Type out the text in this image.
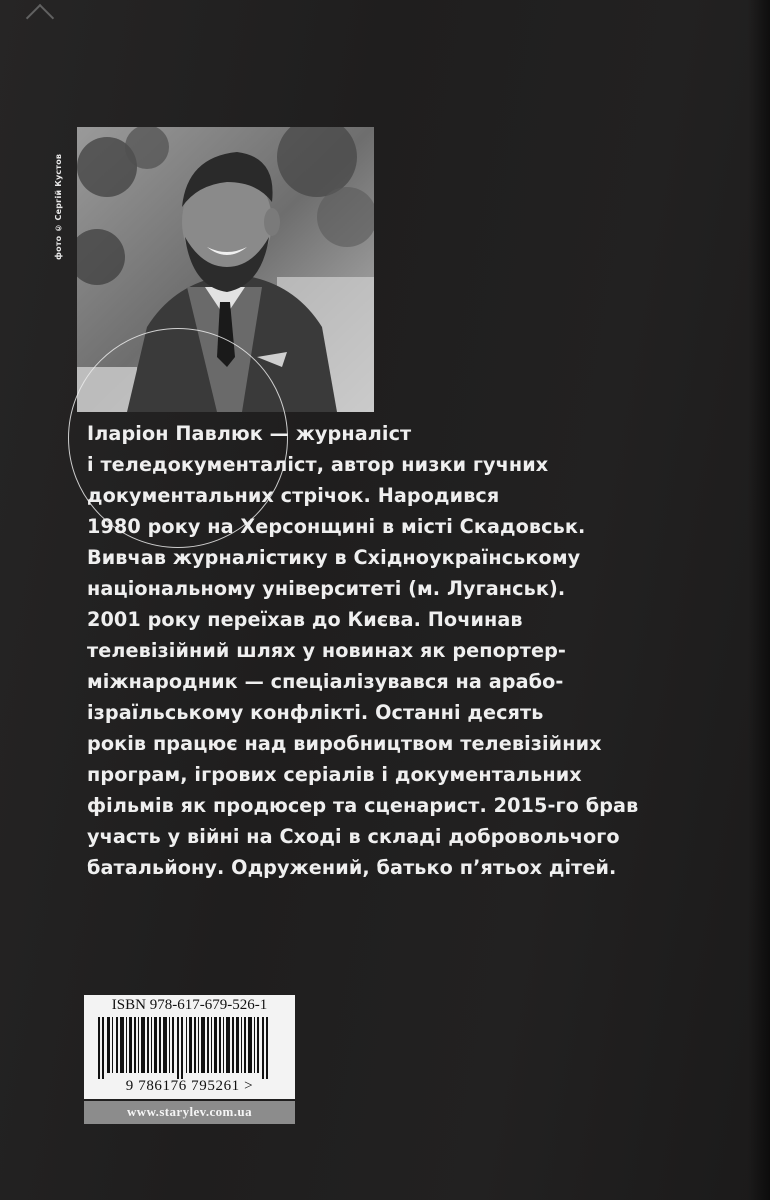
фото © Сергій Кустов
Іларіон Павлюк — журналіст
і теледокументаліст, автор низки гучних
документальних стрічок. Народився
1980 року на Херсонщині в місті Скадовськ.
Вивчав журналістику в Східноукраїнському
національному університеті (м. Луганськ).
2001 року переїхав до Києва. Починав
телевізійний шлях у новинах як репортер-
міжнародник — спеціалізувався на арабо-
ізраїльському конфлікті. Останні десять
років працює над виробництвом телевізійних
програм, ігрових серіалів і документальних
фільмів як продюсер та сценарист. 2015-го брав
участь у війні на Сході в складі добровольчого
батальйону. Одружений, батько п’ятьох дітей.
ISBN 978-617-679-526-1
9 786176 795261 >
www.starylev.com.ua
